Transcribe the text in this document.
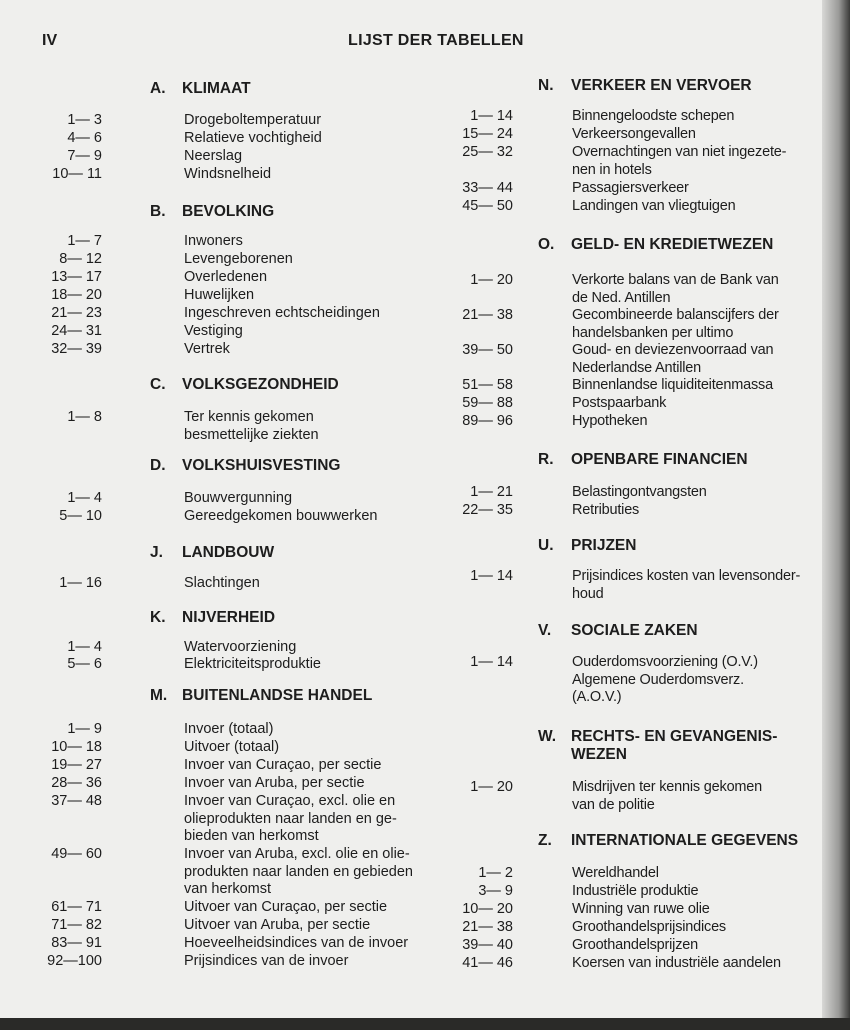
IV	LIJST DER TABELLEN
A. KLIMAAT
1— 3	Drogeboltemperatuur
4— 6	Relatieve vochtigheid
7— 9	Neerslag
10— 11	Windsnelheid
B. BEVOLKING
1— 7	Inwoners
8— 12	Levengeborenen
13— 17	Overledenen
18— 20	Huwelijken
21— 23	Ingeschreven echtscheidingen
24— 31	Vestiging
32— 39	Vertrek
C. VOLKSGEZONDHEID
1— 8	Ter kennis gekomen
besmettelijke ziekten
D. VOLKSHUISVESTING
1— 4	Bouwvergunning
5— 10	Gereedgekomen bouwwerken
J. LANDBOUW
1— 16	Slachtingen
K. NIJVERHEID
1— 4	Watervoorziening
5— 6	Elektriciteitsproduktie
M. BUITENLANDSE HANDEL
1— 9	Invoer (totaal)
10— 18	Uitvoer (totaal)
19— 27	Invoer van Curaçao, per sectie
28— 36	Invoer van Aruba, per sectie
37— 48	Invoer van Curaçao, excl. olie en
olieprodukten naar landen en ge-
bieden van herkomst
49— 60	Invoer van Aruba, excl. olie en olie-
produkten naar landen en gebieden
van herkomst
61— 71	Uitvoer van Curaçao, per sectie
71— 82	Uitvoer van Aruba, per sectie
83— 91	Hoeveelheidsindices van de invoer
92—100	Prijsindices van de invoer
N. VERKEER EN VERVOER
1— 14	Binnengeloodste schepen
15— 24	Verkeersongevallen
25— 32	Overnachtingen van niet ingezete-
nen in hotels
33— 44	Passagiersverkeer
45— 50	Landingen van vliegtuigen
O. GELD- EN KREDIETWEZEN
1— 20	Verkorte balans van de Bank van
de Ned. Antillen
21— 38	Gecombineerde balanscijfers der
handelsbanken per ultimo
39— 50	Goud- en deviezenvoorraad van
Nederlandse Antillen
51— 58	Binnenlandse liquiditeitenmassa
59— 88	Postspaarbank
89— 96	Hypotheken
R. OPENBARE FINANCIEN
1— 21	Belastingontvangsten
22— 35	Retributies
U. PRIJZEN
1— 14	Prijsindices kosten van levensonder-
houd
V. SOCIALE ZAKEN
1— 14	Ouderdomsvoorziening (O.V.)
Algemene Ouderdomsverz.
(A.O.V.)
W. RECHTS- EN GEVANGENIS-
WEZEN
1— 20	Misdrijven ter kennis gekomen
van de politie
Z. INTERNATIONALE GEGEVENS
1— 2	Wereldhandel
3— 9	Industriële produktie
10— 20	Winning van ruwe olie
21— 38	Groothandelsprijsindices
39— 40	Groothandelsprijzen
41— 46	Koersen van industriële aandelen
